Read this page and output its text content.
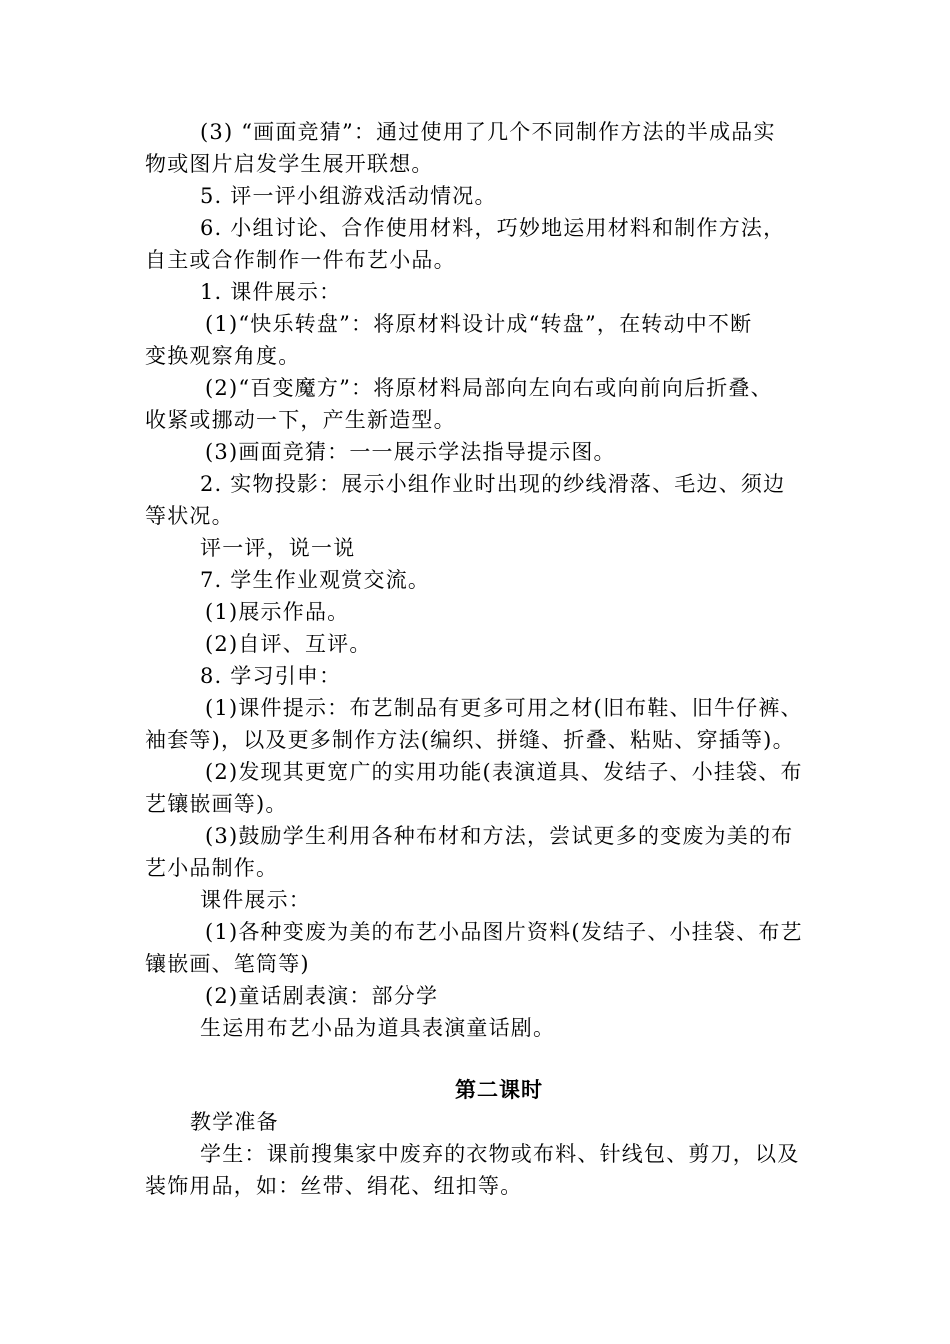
(3) “画面竞猜”：通过使用了几个不同制作方法的半成品实
物或图片启发学生展开联想。
5. 评一评小组游戏活动情况。
6. 小组讨论、合作使用材料，巧妙地运用材料和制作方法，
自主或合作制作一件布艺小品。
1. 课件展示：
(1)“快乐转盘”：将原材料设计成“转盘”，在转动中不断
变换观察角度。
(2)“百变魔方”：将原材料局部向左向右或向前向后折叠、
收紧或挪动一下，产生新造型。
(3)画面竞猜：一一展示学法指导提示图。
2. 实物投影：展示小组作业时出现的纱线滑落、毛边、须边
等状况。
评一评，说一说
7. 学生作业观赏交流。
(1)展示作品。
(2)自评、互评。
8. 学习引申：
(1)课件提示：布艺制品有更多可用之材(旧布鞋、旧牛仔裤、
袖套等)，以及更多制作方法(编织、拼缝、折叠、粘贴、穿插等)。
(2)发现其更宽广的实用功能(表演道具、发结子、小挂袋、布
艺镶嵌画等)。
(3)鼓励学生利用各种布材和方法，尝试更多的变废为美的布
艺小品制作。
课件展示：
(1)各种变废为美的布艺小品图片资料(发结子、小挂袋、布艺
镶嵌画、笔筒等)
(2)童话剧表演：部分学
生运用布艺小品为道具表演童话剧。
第二课时
教学准备
学生：课前搜集家中废弃的衣物或布料、针线包、剪刀，以及
装饰用品，如：丝带、绢花、纽扣等。
